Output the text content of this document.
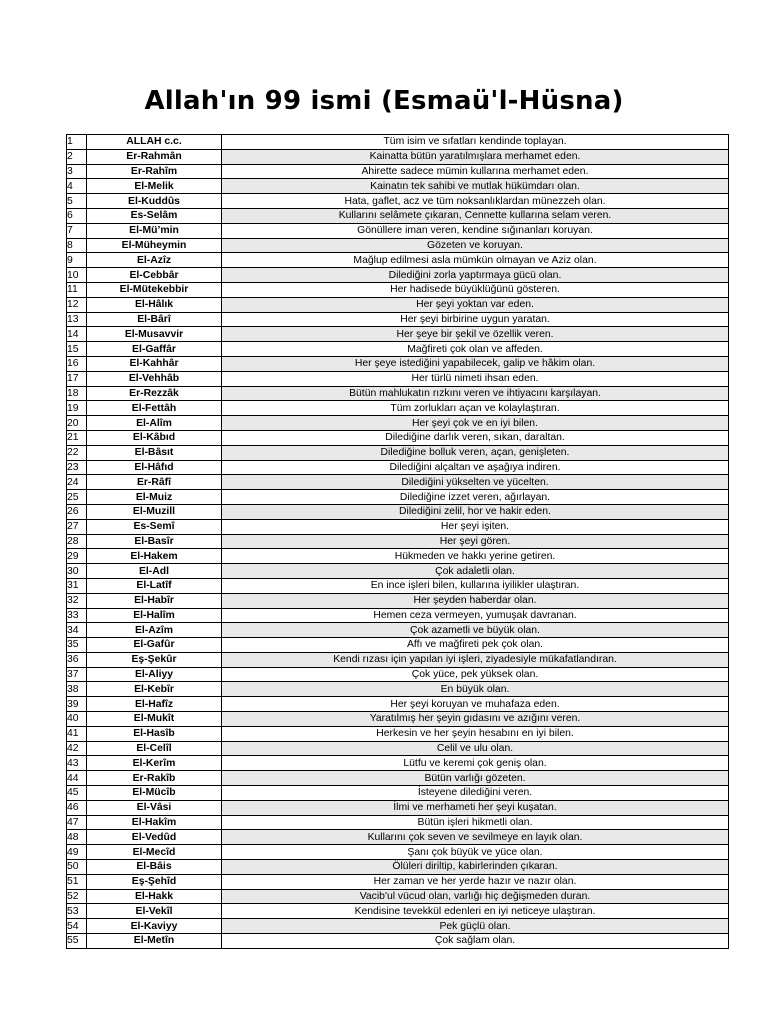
Allah'ın 99 ismi (Esmaü'l-Hüsna)
1	ALLAH c.c.	Tüm isim ve sıfatları kendinde toplayan.
2	Er-Rahmân	Kainatta bütün yaratılmışlara merhamet eden.
3	Er-Rahîm	Ahirette sadece mümin kullarına merhamet eden.
4	El-Melik	Kainatın tek sahibi ve mutlak hükümdarı olan.
5	El-Kuddûs	Hata, gaflet, acz ve tüm noksanlıklardan münezzeh olan.
6	Es-Selâm	Kullarını selâmete çıkaran, Cennette kullarına selam veren.
7	El-Mü’min	Gönüllere iman veren, kendine sığınanları koruyan.
8	El-Müheymin	Gözeten ve koruyan.
9	El-Azîz	Mağlup edilmesi asla mümkün olmayan ve Aziz olan.
10	El-Cebbâr	Dilediğini zorla yaptırmaya gücü olan.
11	El-Mütekebbir	Her hadisede büyüklüğünü gösteren.
12	El-Hâlık	Her şeyi yoktan var eden.
13	El-Bârî	Her şeyi birbirine uygun yaratan.
14	El-Musavvir	Her şeye bir şekil ve özellik veren.
15	El-Gaffâr	Mağfireti çok olan ve affeden.
16	El-Kahhâr	Her şeye istediğini yapabilecek, galip ve hâkim olan.
17	El-Vehhâb	Her türlü nimeti ihsan eden.
18	Er-Rezzâk	Bütün mahlukatın rızkını veren ve ihtiyacını karşılayan.
19	El-Fettâh	Tüm zorlukları açan ve kolaylaştıran.
20	El-Alîm	Her şeyi çok ve en iyi bilen.
21	El-Kâbıd	Dilediğine darlık veren, sıkan, daraltan.
22	El-Bâsıt	Dilediğine bolluk veren, açan, genişleten.
23	El-Hâfıd	Dilediğini alçaltan ve aşağıya indiren.
24	Er-Râfî	Dilediğini yükselten ve yücelten.
25	El-Muiz	Dilediğine izzet veren, ağırlayan.
26	El-Muzill	Dilediğini zelil, hor ve hakir eden.
27	Es-Semî	Her şeyi işiten.
28	El-Basîr	Her şeyi gören.
29	El-Hakem	Hükmeden ve hakkı yerine getiren.
30	El-Adl	Çok adaletli olan.
31	El-Latîf	En ince işleri bilen, kullarına iyilikler ulaştıran.
32	El-Habîr	Her şeyden haberdar olan.
33	El-Halîm	Hemen ceza vermeyen, yumuşak davranan.
34	El-Azîm	Çok azametli ve büyük olan.
35	El-Gafûr	Affı ve mağfireti pek çok olan.
36	Eş-Şekûr	Kendi rızası için yapılan iyi işleri, ziyadesiyle mükafatlandıran.
37	El-Aliyy	Çok yüce, pek yüksek olan.
38	El-Kebîr	En büyük olan.
39	El-Hafîz	Her şeyi koruyan ve muhafaza eden.
40	El-Mukît	Yaratılmış her şeyin gıdasını ve azığını veren.
41	El-Hasîb	Herkesin ve her şeyin hesabını en iyi bilen.
42	El-Celîl	Celil ve ulu olan.
43	El-Kerîm	Lütfu ve keremi çok geniş olan.
44	Er-Rakîb	Bütün varlığı gözeten.
45	El-Mücîb	İsteyene dilediğini veren.
46	El-Vâsi	İlmi ve merhameti her şeyi kuşatan.
47	El-Hakîm	Bütün işleri hikmetli olan.
48	El-Vedûd	Kullarını çok seven ve sevilmeye en layık olan.
49	El-Mecîd	Şanı çok büyük ve yüce olan.
50	El-Bâis	Ölüleri diriltip, kabirlerinden çıkaran.
51	Eş-Şehîd	Her zaman ve her yerde hazır ve nazır olan.
52	El-Hakk	Vacib'ul vücud olan, varlığı hiç değişmeden duran.
53	El-Vekîl	Kendisine tevekkül edenleri en iyi neticeye ulaştıran.
54	El-Kaviyy	Pek güçlü olan.
55	El-Metîn	Çok sağlam olan.
